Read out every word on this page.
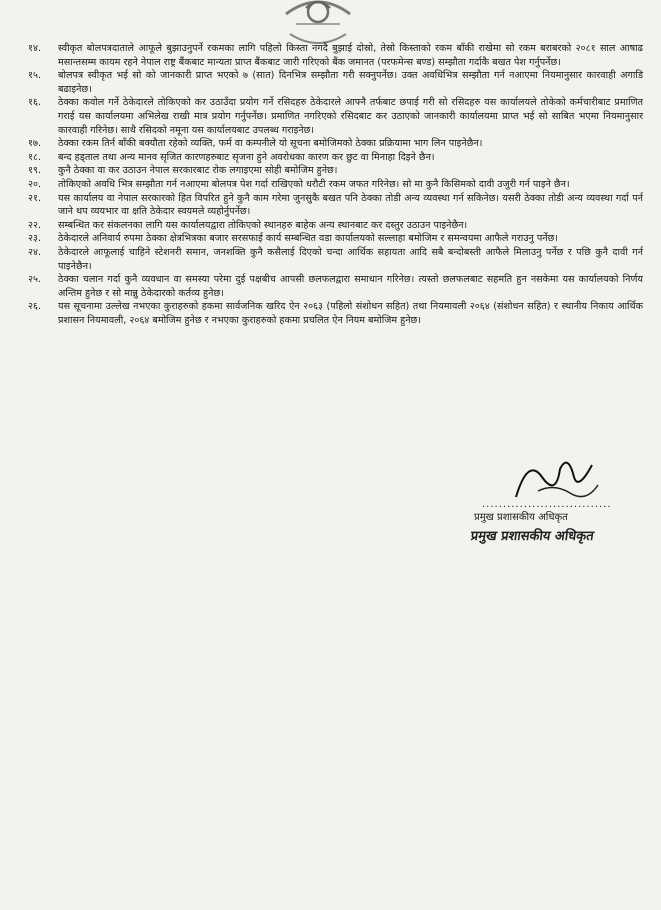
१४.	स्वीकृत बोलपत्रदाताले आफूले बुझाउनुपर्ने रकमका लागि पहिलो किस्ता नगदै बुझाई दोस्रो, तेस्रो किस्ताको रकम बाँकी राखेमा सो रकम बराबरको २०८१ साल आषाढ मसान्तसम्म कायम रहने नेपाल राष्ट्र बैंकबाट मान्यता प्राप्त बैंकबाट जारी गरिएको बैंक जमानत (परफमेन्स बण्ड) सम्झौता गर्दाकै बखत पेश गर्नुपर्नेछ।
१५.	बोलपत्र स्वीकृत भई सो को जानकारी प्राप्त भएको ७ (सात) दिनभित्र सम्झौता गरी सक्नुपर्नेछ। उक्त अवधिभित्र सम्झौता गर्न नआएमा नियमानुसार कारवाही अगाडि बढाइनेछ।
१६.	ठेक्का कवोल गर्ने ठेकेदारले तोकिएको कर उठाउँदा प्रयोग गर्ने रसिदहरु ठेकेदारले आफ्नै तर्फबाट छपाई गरी सो रसिदहरु यस कार्यालयले तोकेको कर्मचारीबाट प्रमाणित गराई यस कार्यालयमा अभिलेख राखी मात्र प्रयोग गर्नुपर्नेछ। प्रमाणित नगरिएको रसिदबाट कर उठाएको जानकारी कार्यालयमा प्राप्त भई सो साबित भएमा नियमानुसार कारवाही गरिनेछ। साथै रसिदको नमूना यस कार्यालयबाट उपलब्ध गराइनेछ।
१७.	ठेक्का रकम तिर्न बाँकी बक्यौता रहेको व्यक्ति, फर्म वा कम्पनीले यो सूचना बमोजिमको ठेक्का प्रक्रियामा भाग लिन पाइनेछैन।
१८.	बन्द हड्ताल तथा अन्य मानव सृजित कारणहरुबाट सृजना हुने अवरोधका कारण कर छुट वा मिनाहा दिइने छैन।
१९.	कुनै ठेक्का वा कर उठाउन नेपाल सरकारबाट रोक लगाइएमा सोही बमोजिम हुनेछ।
२०.	तोकिएको अवधि भित्र सम्झौता गर्न नआएमा बोलपत्र पेश गर्दा राखिएको धरौटी रकम जफत गरिनेछ। सो मा कुनै किसिमको दावी उजुरी गर्न पाइने छैन।
२१.	यस कार्यालय वा नेपाल सरकारको हित विपरित हुने कुनै काम गरेमा जुनसुकै बखत पनि ठेक्का तोडी अन्य व्यवस्था गर्न सकिनेछ। यसरी ठेक्का तोडी अन्य व्यवस्था गर्दा पर्न जाने थप व्ययभार वा क्षति ठेकेदार स्वयमले व्यहोर्नुपर्नेछ।
२२.	सम्बन्धित कर संकलनका लागि यस कार्यालयद्वारा तोकिएको स्थानहरु बाहेक अन्य स्थानबाट कर दस्तुर उठाउन पाइनेछैन।
२३.	ठेकेदारले अनिवार्य रुपमा ठेक्का क्षेत्रभित्रका बजार सरसफाई कार्य सम्बन्धित वडा कार्यालयको सल्लाहा बमोजिम र समन्वयमा आफैले गराउनु पर्नेछ।
२४.	ठेकेदारले आफूलाई चाहिने स्टेशनरी समान, जनशक्ति कुनै कसैलाई दिएको चन्दा आर्थिक सहायता आदि सबै बन्दोबस्ती आफैले मिलाउनु पर्नेछ र पछि कुनै दावी गर्न पाइनेछैन।
२५.	ठेक्का चलान गर्दा कुनै व्यवधान वा समस्या परेमा दुई पक्षबीच आपसी छलफलद्वारा समाधान गरिनेछ। त्यस्तो छलफलबाट सहमति हुन नसकेमा यस कार्यालयको निर्णय अन्तिम हुनेछ र सो मान्नु ठेकेदारको कर्तव्य हुनेछ।
२६.	यस सूचनामा उल्लेख नभएका कुराहरुको हकमा सार्वजनिक खरिद ऐन २०६३ (पहिलो संशोधन सहित) तथा नियमावली २०६४ (संशोधन सहित) र स्थानीय निकाय आर्थिक प्रशासन नियमावली, २०६४ बमोजिम हुनेछ र नभएका कुराहरुको हकमा प्रचलित ऐन नियम बमोजिम हुनेछ।
...............................
प्रमुख प्रशासकीय अधिकृत
प्रमुख प्रशासकीय अधिकृत
